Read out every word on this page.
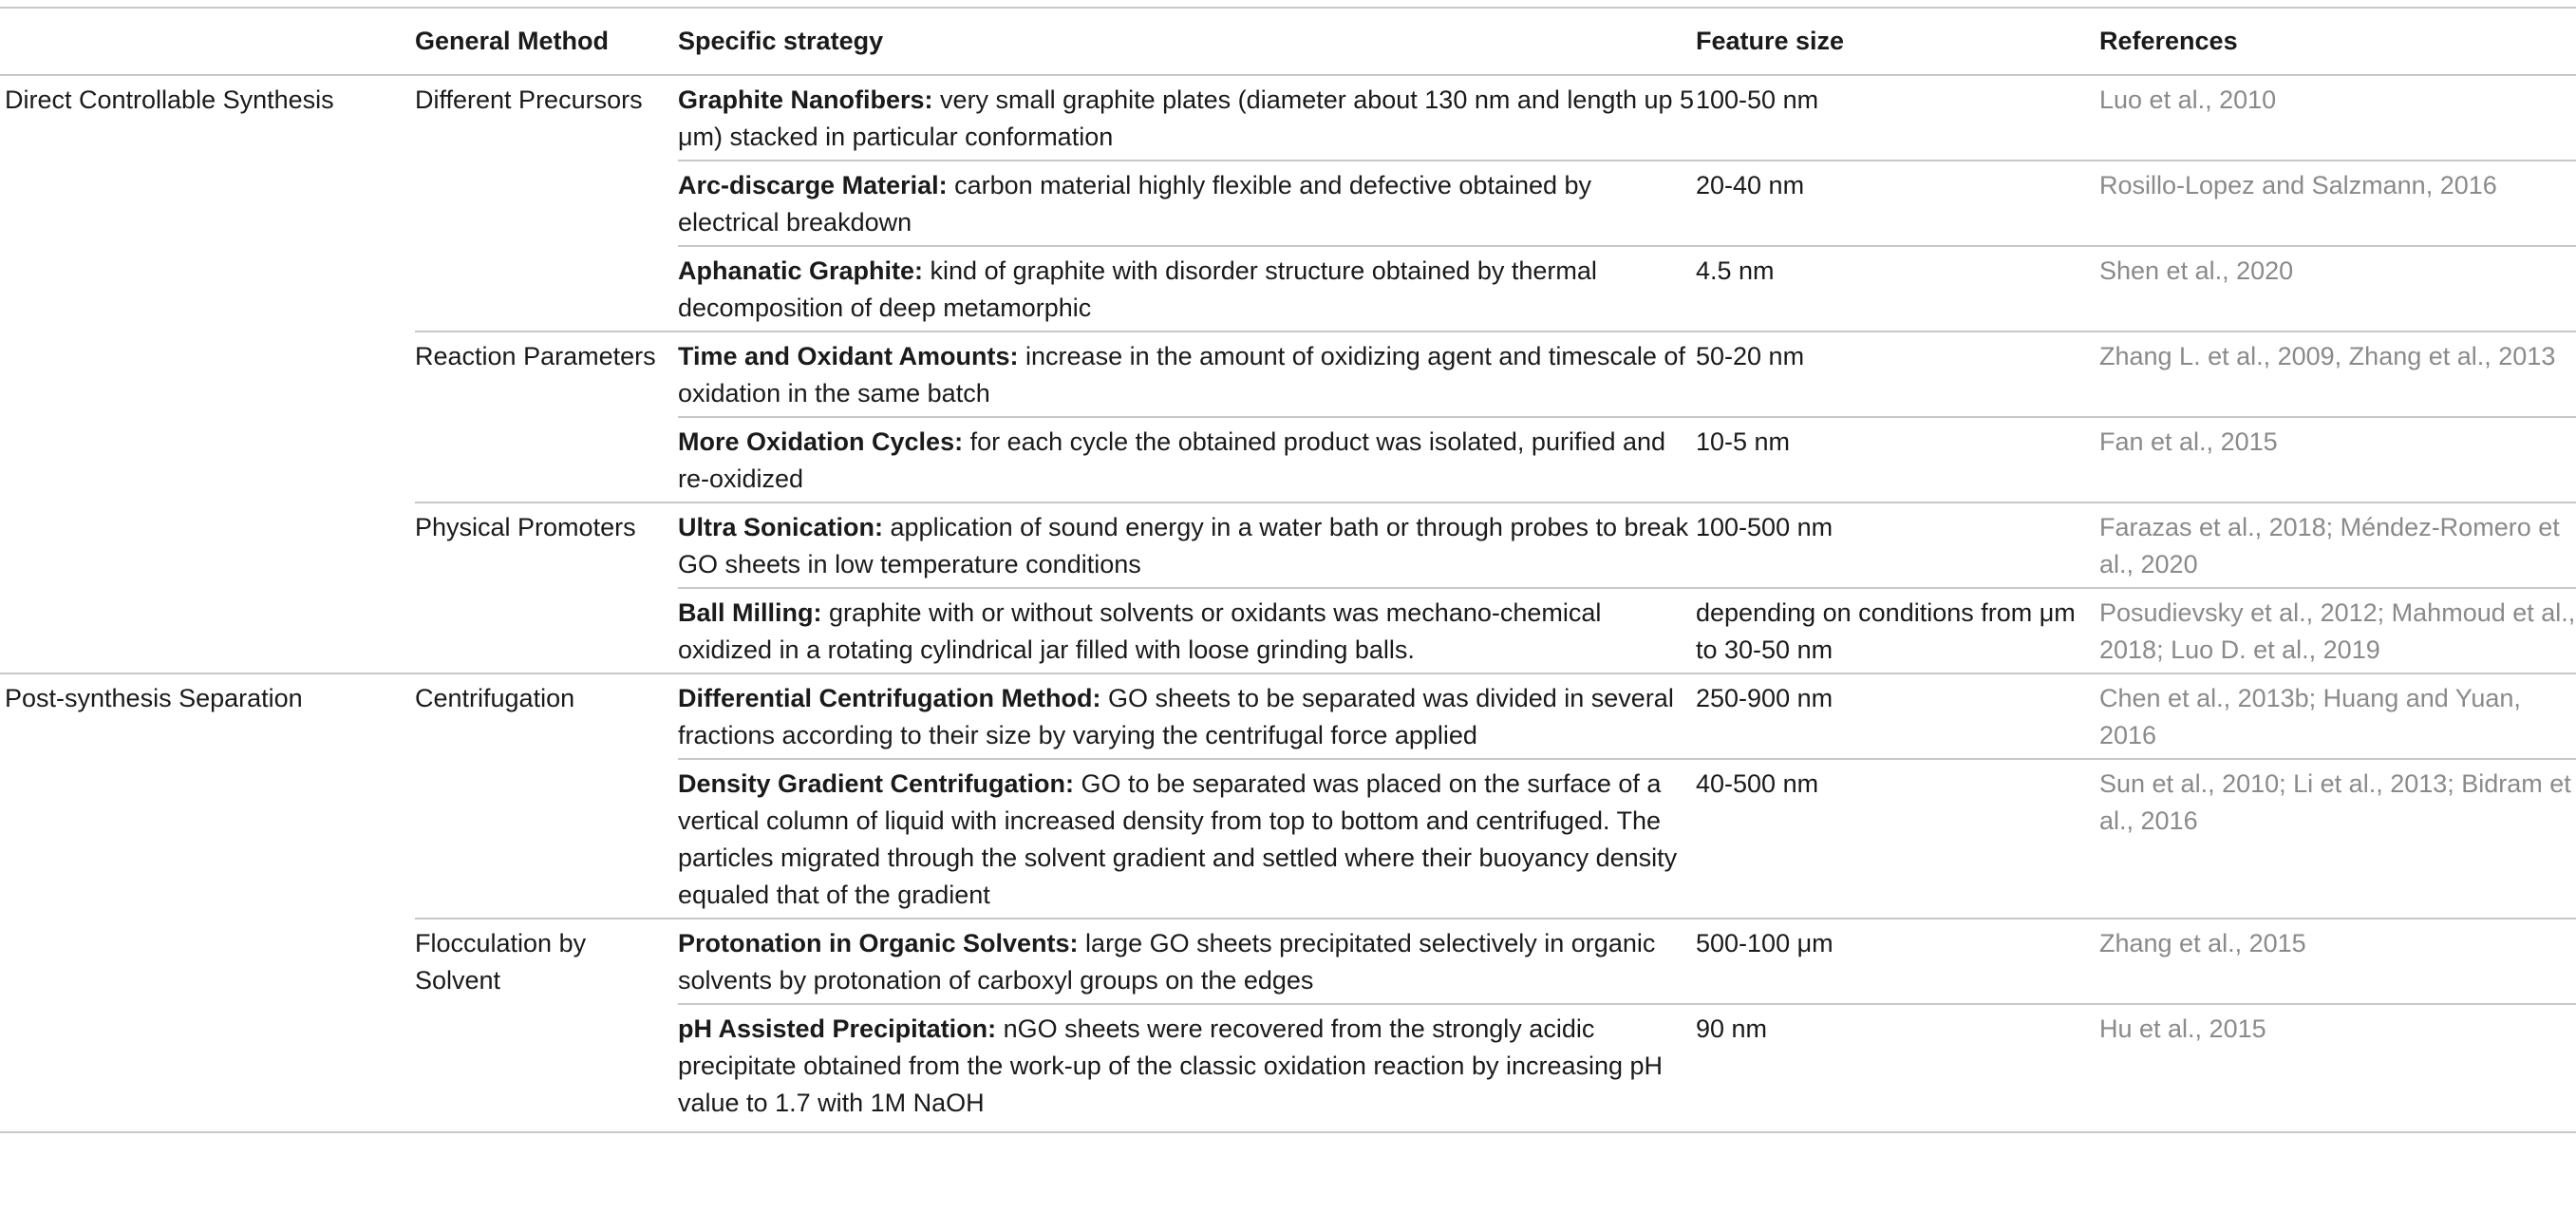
	General Method	Specific strategy	Feature size	References
Direct Controllable Synthesis	Different Precursors	Graphite Nanofibers: very small graphite plates (diameter about 130 nm and length up 5 μm) stacked in particular conformation	100-50 nm	Luo et al., 2010
		Arc-discarge Material: carbon material highly flexible and defective obtained by electrical breakdown	20-40 nm	Rosillo-Lopez and Salzmann, 2016
		Aphanatic Graphite: kind of graphite with disorder structure obtained by thermal decomposition of deep metamorphic	4.5 nm	Shen et al., 2020
	Reaction Parameters	Time and Oxidant Amounts: increase in the amount of oxidizing agent and timescale of oxidation in the same batch	50-20 nm	Zhang L. et al., 2009, Zhang et al., 2013
		More Oxidation Cycles: for each cycle the obtained product was isolated, purified and re-oxidized	10-5 nm	Fan et al., 2015
	Physical Promoters	Ultra Sonication: application of sound energy in a water bath or through probes to break GO sheets in low temperature conditions	100-500 nm	Farazas et al., 2018; Méndez-Romero et al., 2020
		Ball Milling: graphite with or without solvents or oxidants was mechano-chemical oxidized in a rotating cylindrical jar filled with loose grinding balls.	depending on conditions from μm to 30-50 nm	Posudievsky et al., 2012; Mahmoud et al., 2018; Luo D. et al., 2019
Post-synthesis Separation	Centrifugation	Differential Centrifugation Method: GO sheets to be separated was divided in several fractions according to their size by varying the centrifugal force applied	250-900 nm	Chen et al., 2013b; Huang and Yuan, 2016
		Density Gradient Centrifugation: GO to be separated was placed on the surface of a vertical column of liquid with increased density from top to bottom and centrifuged. The particles migrated through the solvent gradient and settled where their buoyancy density equaled that of the gradient	40-500 nm	Sun et al., 2010; Li et al., 2013; Bidram et al., 2016
	Flocculation by Solvent	Protonation in Organic Solvents: large GO sheets precipitated selectively in organic solvents by protonation of carboxyl groups on the edges	500-100 μm	Zhang et al., 2015
		pH Assisted Precipitation: nGO sheets were recovered from the strongly acidic precipitate obtained from the work-up of the classic oxidation reaction by increasing pH value to 1.7 with 1M NaOH	90 nm	Hu et al., 2015
